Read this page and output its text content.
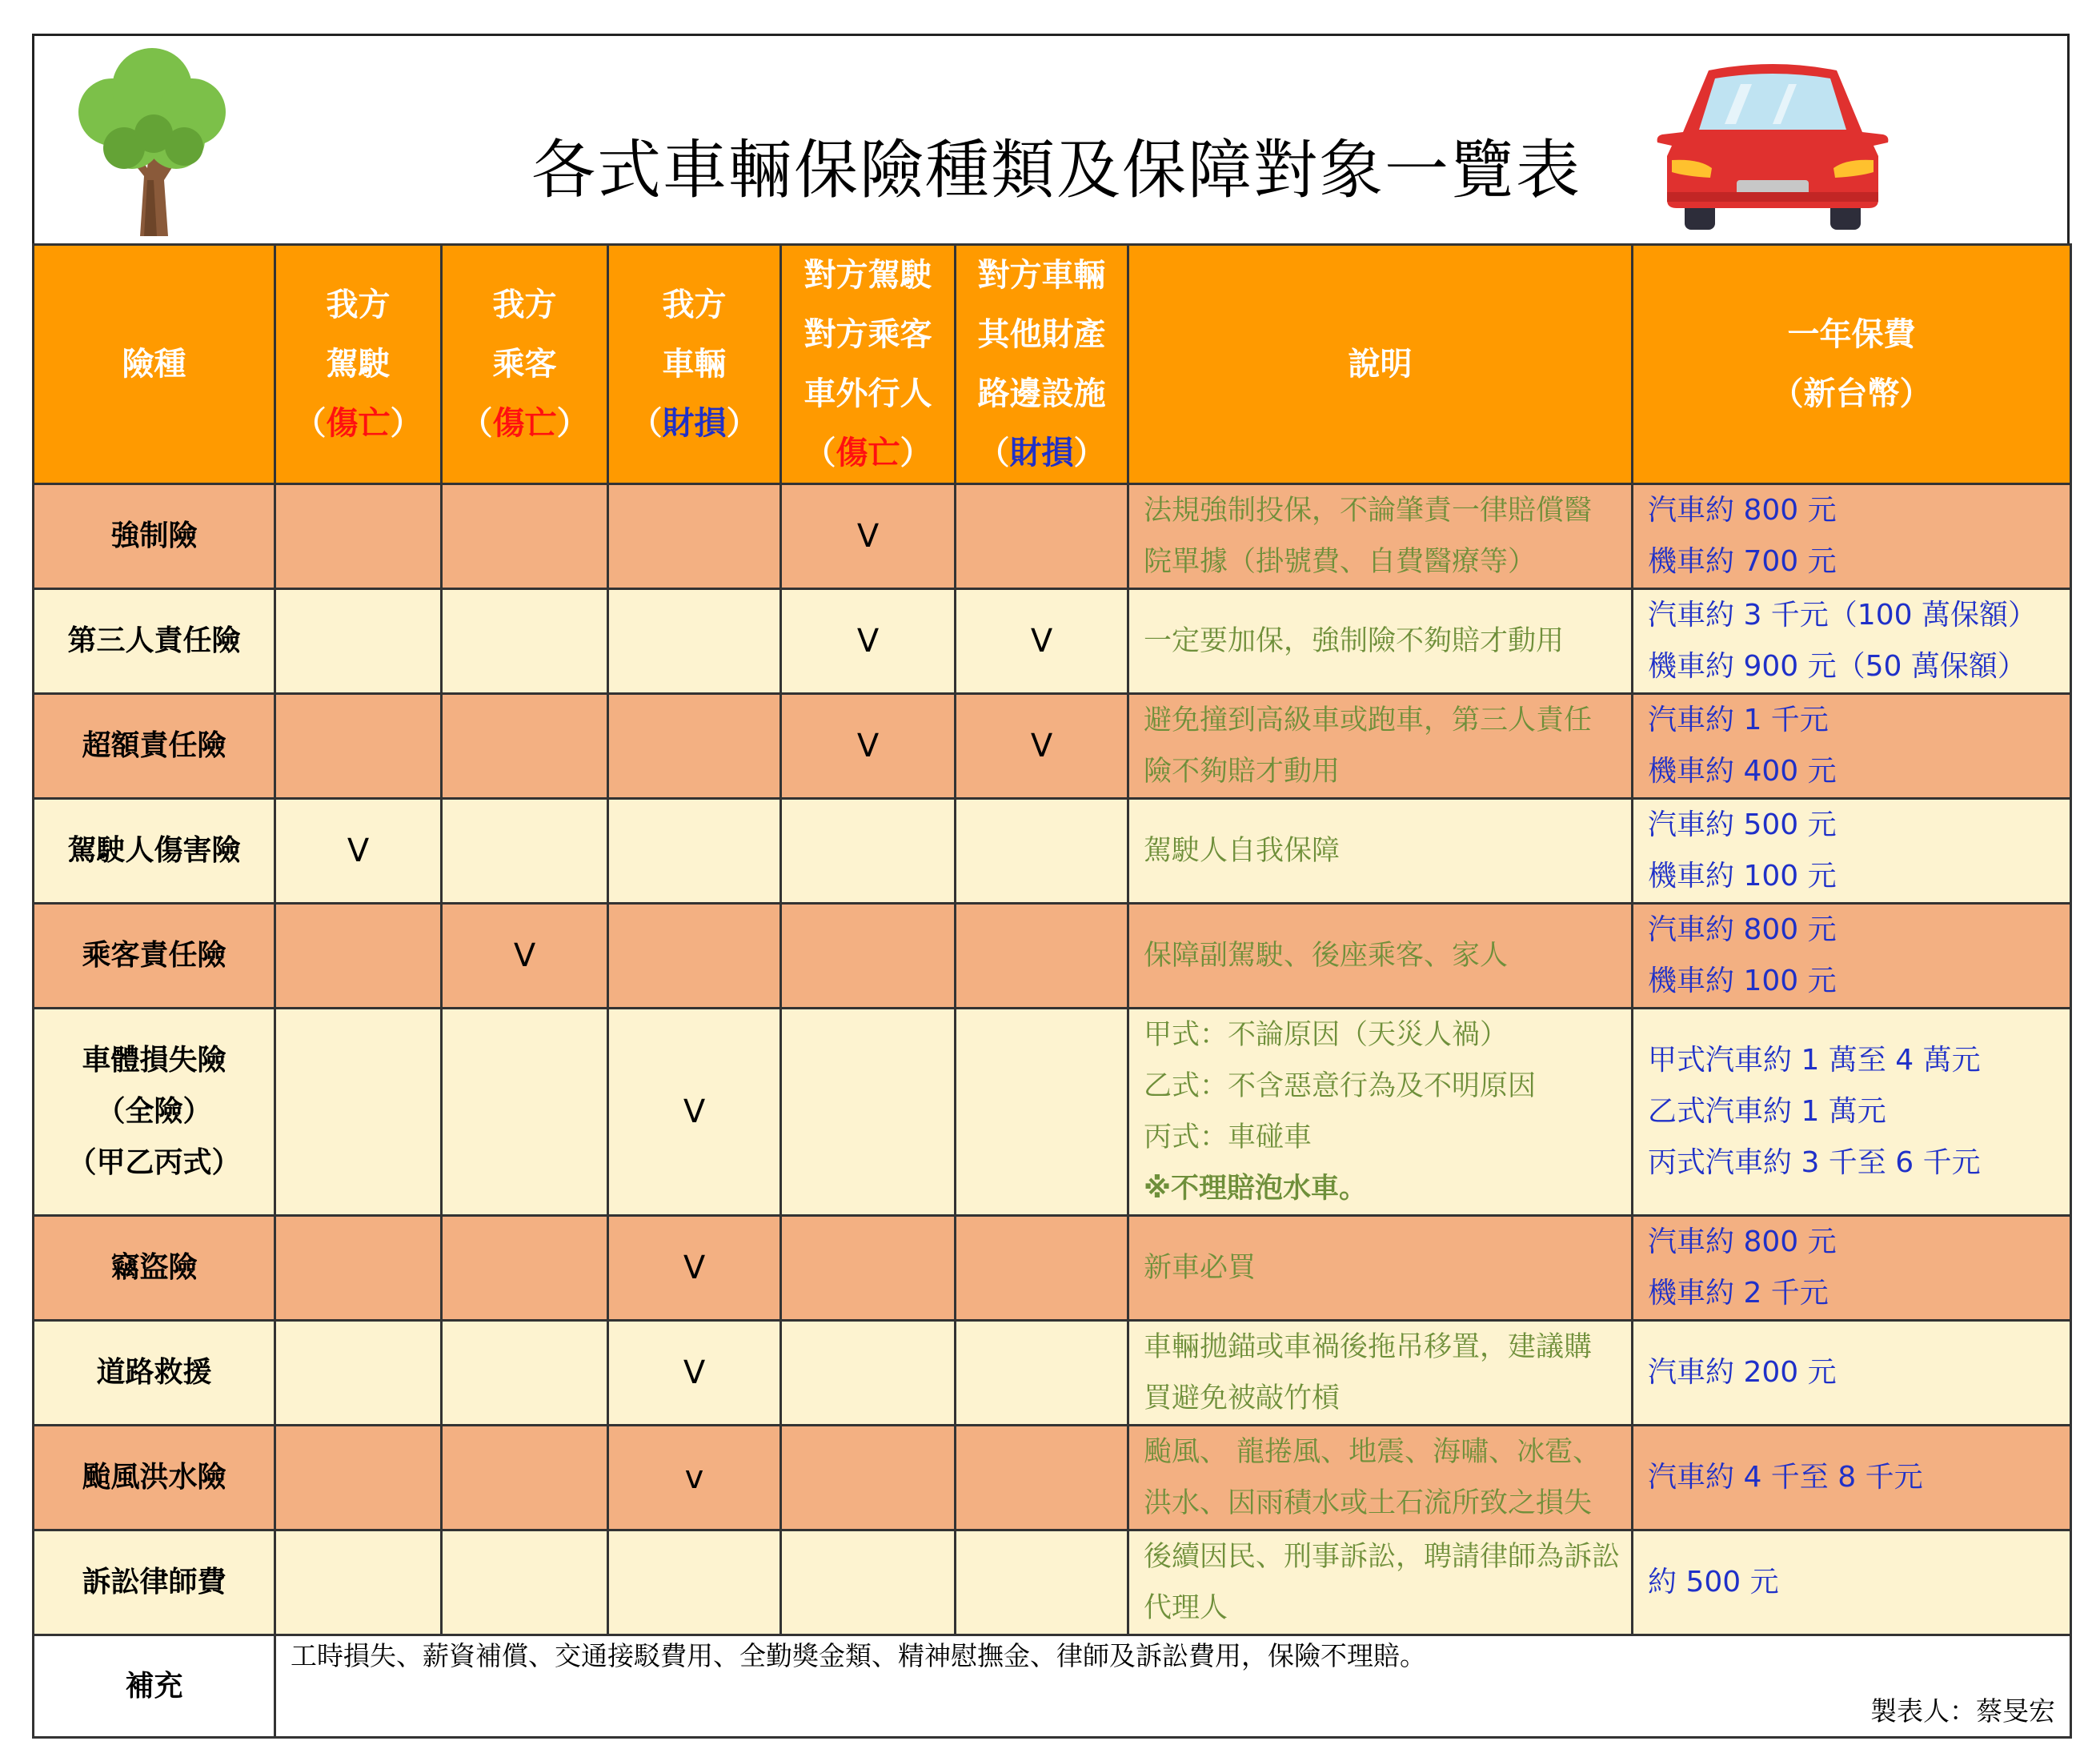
各式車輛保險種類及保障對象一覽表
險種	我方
駕駛
（傷亡）	我方
乘客
（傷亡）	我方
車輛
（財損）	對方駕駛
對方乘客
車外行人
（傷亡）	對方車輛
其他財產
路邊設施
（財損）	說明	一年保費
（新台幣）

強制險				V		法規強制投保，不論肇責一律賠償醫
院單據（掛號費、自費醫療等）	汽車約 800 元
機車約 700 元

第三人責任險				V	V	一定要加保，強制險不夠賠才動用	汽車約 3 千元（100 萬保額）
機車約 900 元（50 萬保額）

超額責任險				V	V	避免撞到高級車或跑車，第三人責任
險不夠賠才動用	汽車約 1 千元
機車約 400 元

駕駛人傷害險	V					駕駛人自我保障	汽車約 500 元
機車約 100 元

乘客責任險		V				保障副駕駛、後座乘客、家人	汽車約 800 元
機車約 100 元

車體損失險
（全險）
（甲乙丙式）			V			甲式：不論原因（天災人禍）
乙式：不含惡意行為及不明原因
丙式：車碰車
※不理賠泡水車。	甲式汽車約 1 萬至 4 萬元
乙式汽車約 1 萬元
丙式汽車約 3 千至 6 千元

竊盜險			V			新車必買	汽車約 800 元
機車約 2 千元

道路救援			V			車輛拋錨或車禍後拖吊移置，建議購
買避免被敲竹槓	汽車約 200 元

颱風洪水險			v			颱風、 龍捲風、地震、海嘯、冰雹、
洪水、因雨積水或土石流所致之損失	汽車約 4 千至 8 千元

訴訟律師費						後續因民、刑事訴訟，聘請律師為訴訟
代理人	約 500 元

補充	工時損失、薪資補償、交通接駁費用、全勤獎金類、精神慰撫金、律師及訴訟費用，保險不理賠。
製表人：蔡旻宏						
